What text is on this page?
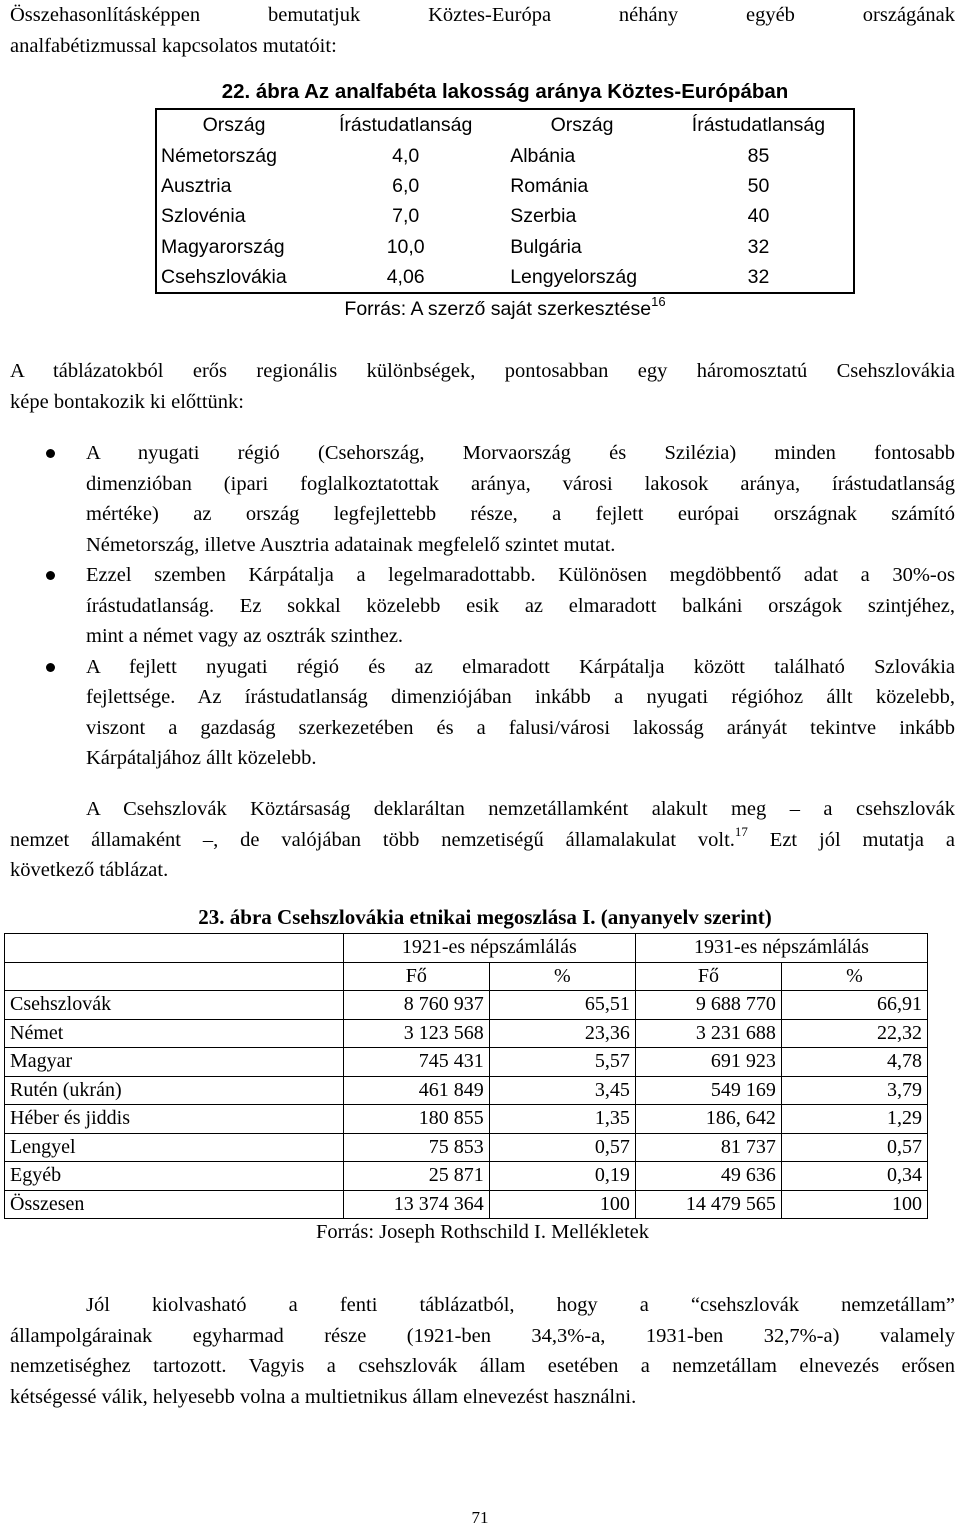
Összehasonlításképpen bemutatjuk Köztes-Európa néhány egyéb országának
analfabétizmussal kapcsolatos mutatóit:
22. ábra Az analfabéta lakosság aránya Köztes-Európában
Ország	Írástudatlanság	Ország	Írástudatlanság
Németország	4,0	Albánia	85
Ausztria	6,0	Románia	50
Szlovénia	7,0	Szerbia	40
Magyarország	10,0	Bulgária	32
Csehszlovákia	4,06	Lengyelország	32
Forrás: A szerző saját szerkesztése$^{16}$
A táblázatokból erős regionális különbségek, pontosabban egy háromosztatú Csehszlovákia
képe bontakozik ki előttünk:
A nyugati régió (Csehország, Morvaország és Szilézia) minden fontosabb
dimenzióban (ipari foglalkoztatottak aránya, városi lakosok aránya, írástudatlanság
mértéke) az ország legfejlettebb része, a fejlett európai országnak számító
Németország, illetve Ausztria adatainak megfelelő szintet mutat.
Ezzel szemben Kárpátalja a legelmaradottabb. Különösen megdöbbentő adat a 30%-os
írástudatlanság. Ez sokkal közelebb esik az elmaradott balkáni országok szintjéhez,
mint a német vagy az osztrák szinthez.
A fejlett nyugati régió és az elmaradott Kárpátalja között található Szlovákia
fejlettsége. Az írástudatlanság dimenziójában inkább a nyugati régióhoz állt közelebb,
viszont a gazdaság szerkezetében és a falusi/városi lakosság arányát tekintve inkább
Kárpátaljához állt közelebb.
A Csehszlovák Köztársaság deklaráltan nemzetállamként alakult meg – a csehszlovák
nemzet államaként –, de valójában több nemzetiségű államalakulat volt.$^{17}$ Ezt jól mutatja a
következő táblázat.
23. ábra Csehszlovákia etnikai megoszlása I. (anyanyelv szerint)
	1921-es népszámlálás		1931-es népszámlálás	
	Fő	%	Fő	%
Csehszlovák	8 760 937	65,51	9 688 770	66,91
Német	3 123 568	23,36	3 231 688	22,32
Magyar	745 431	5,57	691 923	4,78
Rutén (ukrán)	461 849	3,45	549 169	3,79
Héber és jiddis	180 855	1,35	186, 642	1,29
Lengyel	75 853	0,57	81 737	0,57
Egyéb	25 871	0,19	49 636	0,34
Összesen	13 374 364	100	14 479 565	100
Forrás: Joseph Rothschild I. Mellékletek
Jól kiolvasható a fenti táblázatból, hogy a “csehszlovák nemzetállam”
állampolgárainak egyharmad része (1921-ben 34,3%-a, 1931-ben 32,7%-a) valamely
nemzetiséghez tartozott. Vagyis a csehszlovák állam esetében a nemzetállam elnevezés erősen
kétségessé válik, helyesebb volna a multietnikus állam elnevezést használni.
71
